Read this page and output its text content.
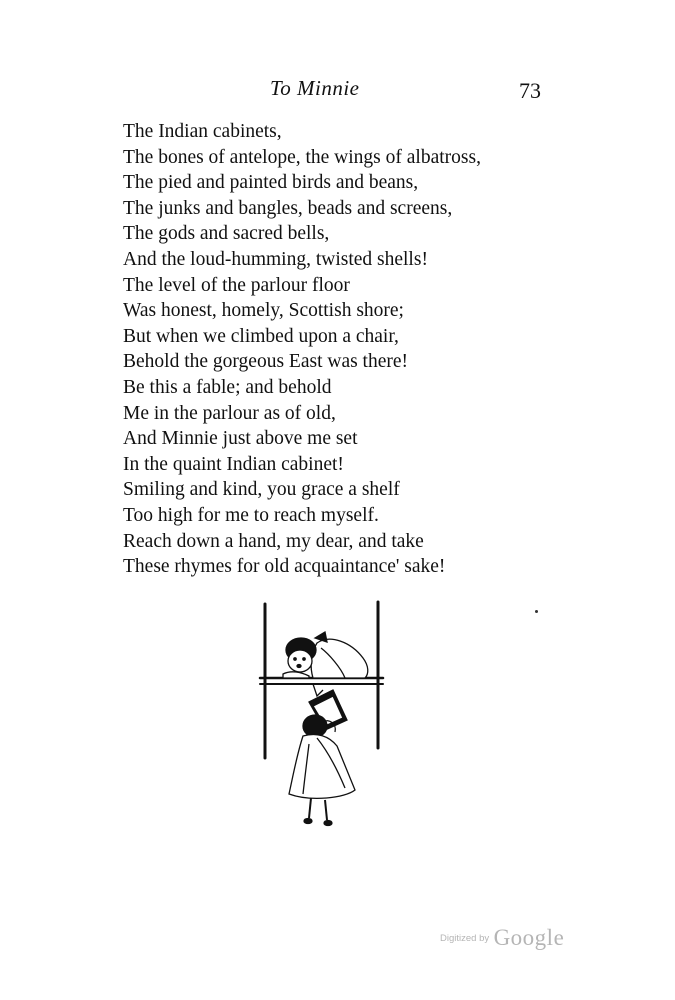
To Minnie	73
The Indian cabinets,
The bones of antelope, the wings of albatross,
The pied and painted birds and beans,
The junks and bangles, beads and screens,
The gods and sacred bells,
And the loud-humming, twisted shells!
The level of the parlour floor
Was honest, homely, Scottish shore;
But when we climbed upon a chair,
Behold the gorgeous East was there!
Be this a fable; and behold
Me in the parlour as of old,
And Minnie just above me set
In the quaint Indian cabinet!
Smiling and kind, you grace a shelf
Too high for me to reach myself.
Reach down a hand, my dear, and take
These rhymes for old acquaintance' sake!
$^{Digitized by}$ Google
